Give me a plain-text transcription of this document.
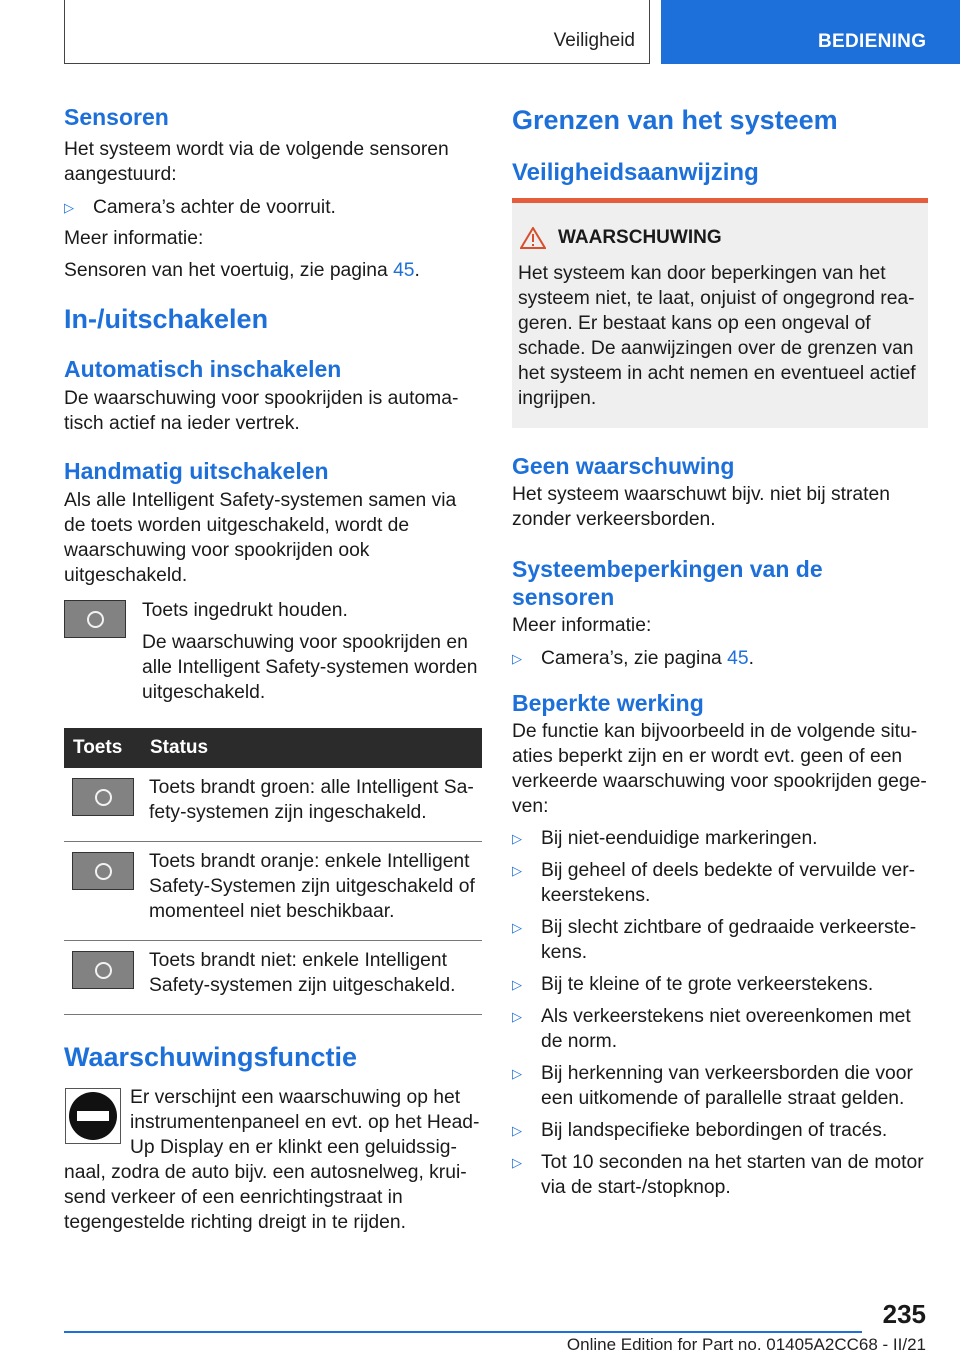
Veiligheid	BEDIENING
Sensoren

Het systeem wordt via de volgende sensoren aangestuurd:

▷ Camera’s achter de voorruit.

Meer informatie:

Sensoren van het voertuig, zie pagina 45.

In-/uitschakelen
Automatisch inschakelen

De waarschuwing voor spookrijden is automatisch actief na ieder vertrek.

Handmatig uitschakelen

Als alle Intelligent Safety-systemen samen via de toets worden uitgeschakeld, wordt de waarschuwing voor spookrijden ook uitgeschakeld.

Toets ingedrukt houden.

De waarschuwing voor spookrijden en alle Intelligent Safety-systemen worden uitgeschakeld.

Toets	Status

	Toets brandt groen: alle Intelligent Safety-systemen zijn ingeschakeld.

	Toets brandt oranje: enkele Intelligent Safety-Systemen zijn uitgeschakeld of momenteel niet beschikbaar.

	Toets brandt niet: enkele Intelligent Safety-systemen zijn uitgeschakeld.
Waarschuwingsfunctie

Er verschijnt een waarschuwing op het instrumentenpaneel en evt. op het Head-Up Display en er klinkt een geluidssignaal, zodra de auto bijv. een autosnelweg, kruisend verkeer of een eenrichtingstraat in tegengestelde richting dreigt in te rijden.

Grenzen van het systeem
Veiligheidsaanwijzing
WAARSCHUWING

Het systeem kan door beperkingen van het systeem niet, te laat, onjuist of ongegrond reageren. Er bestaat kans op een ongeval of schade. De aanwijzingen over de grenzen van het systeem in acht nemen en eventueel actief ingrijpen.

Geen waarschuwing

Het systeem waarschuwt bijv. niet bij straten zonder verkeersborden.

Systeembeperkingen van de sensoren

Meer informatie:

▷ Camera’s, zie pagina 45.
Beperkte werking

De functie kan bijvoorbeeld in de volgende situaties beperkt zijn en er wordt evt. geen of een verkeerde waarschuwing voor spookrijden gegeven:

▷ Bij niet-eenduidige markeringen.
▷ Bij geheel of deels bedekte of vervuilde verkeerstekens.
▷ Bij slecht zichtbare of gedraaide verkeerstekens.
▷ Bij te kleine of te grote verkeerstekens.
▷ Als verkeerstekens niet overeenkomen met de norm.
▷ Bij herkenning van verkeersborden die voor een uitkomende of parallelle straat gelden.
▷ Bij landspecifieke bebordingen of tracés.
▷ Tot 10 seconden na het starten van de motor via de start-/stopknop.
235
Online Edition for Part no. 01405A2CC68 - II/21
